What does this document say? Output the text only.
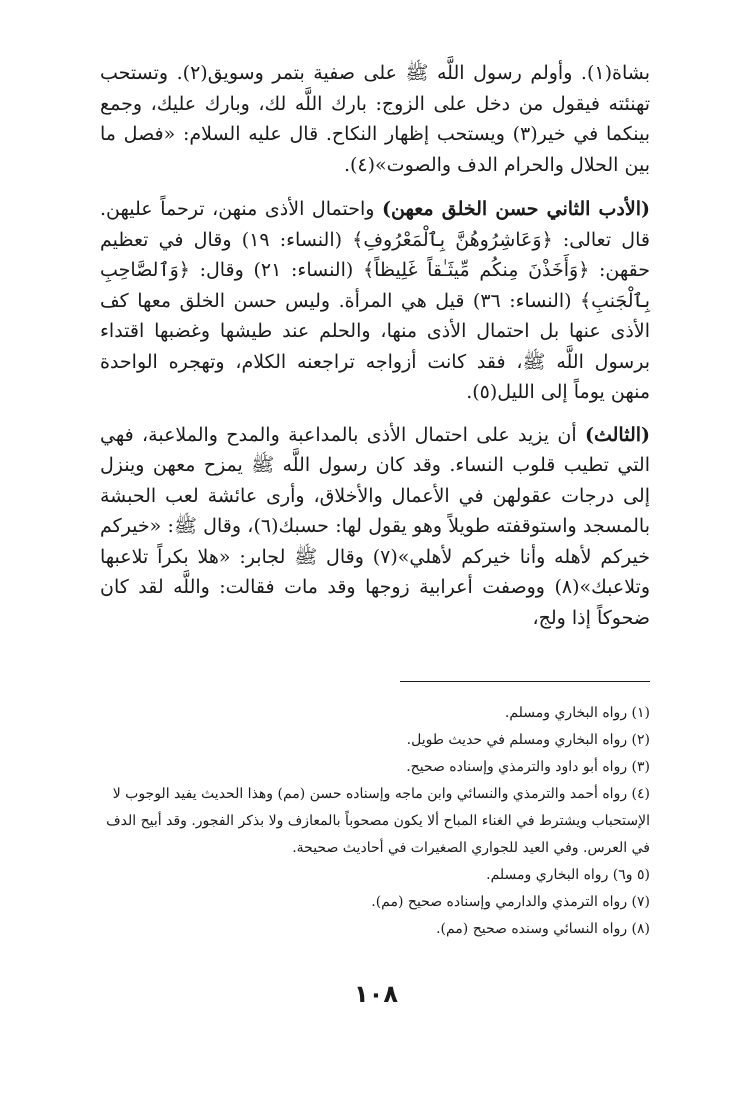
بشاة(١). وأولم رسول اللَّه ﷺ على صفية بتمر وسويق(٢). وتستحب تهنئته فيقول من دخل على الزوج: بارك اللَّه لك، وبارك عليك، وجمع بينكما في خير(٣) ويستحب إظهار النكاح. قال عليه السلام: «فصل ما بين الحلال والحرام الدف والصوت»(٤).

(الأدب الثاني حسن الخلق معهن) واحتمال الأذى منهن، ترحماً عليهن. قال تعالى: ﴿وَعَاشِرُوهُنَّ بِٱلْمَعْرُوفِ﴾ (النساء: ١٩) وقال في تعظيم حقهن: ﴿وَأَخَذْنَ مِنكُم مِّيثَـٰقاً غَلِيظاً﴾ (النساء: ٢١) وقال: ﴿وَٱلصَّاحِبِ بِٱلْجَنبِ﴾ (النساء: ٣٦) قيل هي المرأة. وليس حسن الخلق معها كف الأذى عنها بل احتمال الأذى منها، والحلم عند طيشها وغضبها اقتداء برسول اللَّه ﷺ، فقد كانت أزواجه تراجعنه الكلام، وتهجره الواحدة منهن يوماً إلى الليل(٥).

(الثالث) أن يزيد على احتمال الأذى بالمداعبة والمدح والملاعبة، فهي التي تطيب قلوب النساء. وقد كان رسول اللَّه ﷺ يمزح معهن وينزل إلى درجات عقولهن في الأعمال والأخلاق، وأرى عائشة لعب الحبشة بالمسجد واستوقفته طويلاً وهو يقول لها: حسبك(٦)، وقال ﷺ: «خيركم خيركم لأهله وأنا خيركم لأهلي»(٧) وقال ﷺ لجابر: «هلا بكراً تلاعبها وتلاعبك»(٨) ووصفت أعرابية زوجها وقد مات فقالت: واللَّه لقد كان ضحوكاً إذا ولج،

(١) رواه البخاري ومسلم.

(٢) رواه البخاري ومسلم في حديث طويل.

(٣) رواه أبو داود والترمذي وإسناده صحيح.

(٤) رواه أحمد والترمذي والنسائي وابن ماجه وإسناده حسن (مم) وهذا الحديث يفيد الوجوب لا الإستحباب ويشترط في الغناء المباح ألا يكون مصحوباً بالمعازف ولا بذكر الفجور. وقد أبيح الدف في العرس. وفي العيد للجواري الصغيرات في أحاديث صحيحة.

(٥ و٦) رواه البخاري ومسلم.

(٧) رواه الترمذي والدارمي وإسناده صحيح (مم).

(٨) رواه النسائي وسنده صحيح (مم).

١٠٨
